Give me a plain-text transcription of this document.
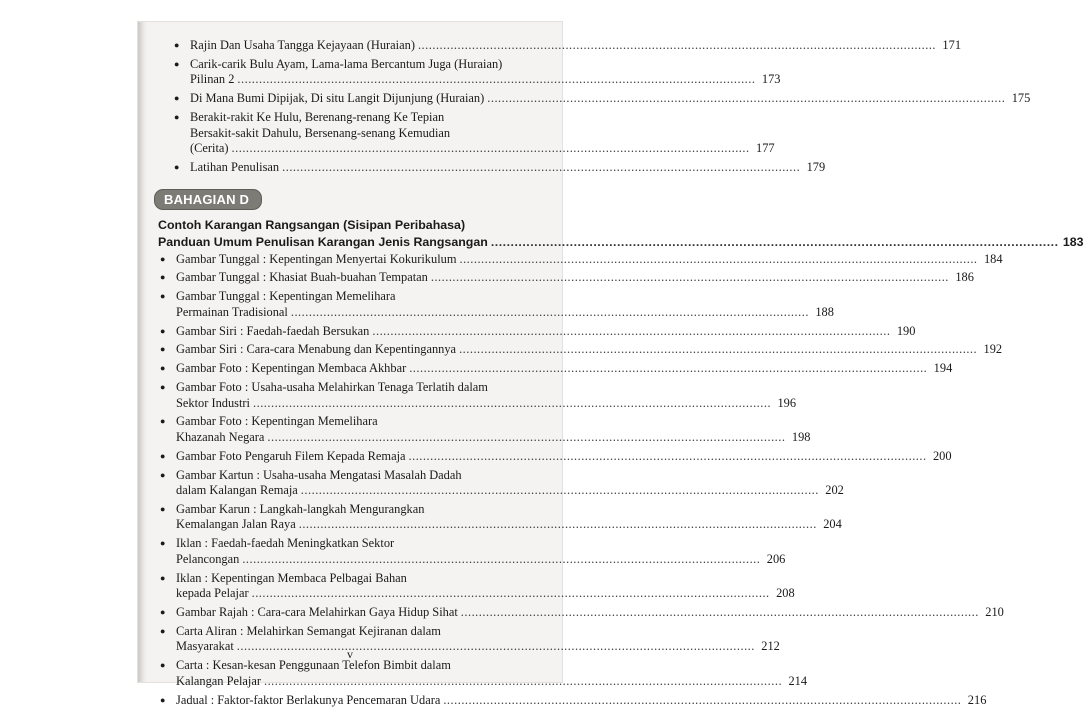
● Rajin Dan Usaha Tangga Kejayaan (Huraian) .....	171
● Carik-carik Bulu Ayam, Lama-lama Bercantum Juga (Huraian)
Pilinan 2 .....	173
● Di Mana Bumi Dipijak, Di situ Langit Dijunjung (Huraian) .....	175
● Berakit-rakit Ke Hulu, Berenang-renang Ke Tepian
Bersakit-sakit Dahulu, Bersenang-senang Kemudian
(Cerita) .....	177
● Latihan Penulisan .....	179
BAHAGIAN D
Contoh Karangan Rangsangan (Sisipan Peribahasa)
Panduan Umum Penulisan Karangan Jenis Rangsangan .....	183
● Gambar Tunggal : Kepentingan Menyertai Kokurikulum .....	184
● Gambar Tunggal : Khasiat Buah-buahan Tempatan .....	186
● Gambar Tunggal : Kepentingan Memelihara
Permainan Tradisional .....	188
● Gambar Siri : Faedah-faedah Bersukan .....	190
● Gambar Siri : Cara-cara Menabung dan Kepentingannya .....	192
● Gambar Foto : Kepentingan Membaca Akhbar .....	194
● Gambar Foto : Usaha-usaha Melahirkan Tenaga Terlatih dalam
Sektor Industri .....	196
● Gambar Foto : Kepentingan Memelihara
Khazanah Negara .....	198
● Gambar Foto Pengaruh Filem Kepada Remaja .....	200
● Gambar Kartun : Usaha-usaha Mengatasi Masalah Dadah
dalam Kalangan Remaja .....	202
● Gambar Karun : Langkah-langkah Mengurangkan
Kemalangan Jalan Raya .....	204
● Iklan : Faedah-faedah Meningkatkan Sektor
Pelancongan .....	206
● Iklan : Kepentingan Membaca Pelbagai Bahan
kepada Pelajar .....	208
● Gambar Rajah : Cara-cara Melahirkan Gaya Hidup Sihat .....	210
● Carta Aliran : Melahirkan Semangat Kejiranan dalam
Masyarakat .....	212
● Carta : Kesan-kesan Penggunaan Telefon Bimbit dalam
Kalangan Pelajar .....	214
● Jadual : Faktor-faktor Berlakunya Pencemaran Udara .....	216
v
